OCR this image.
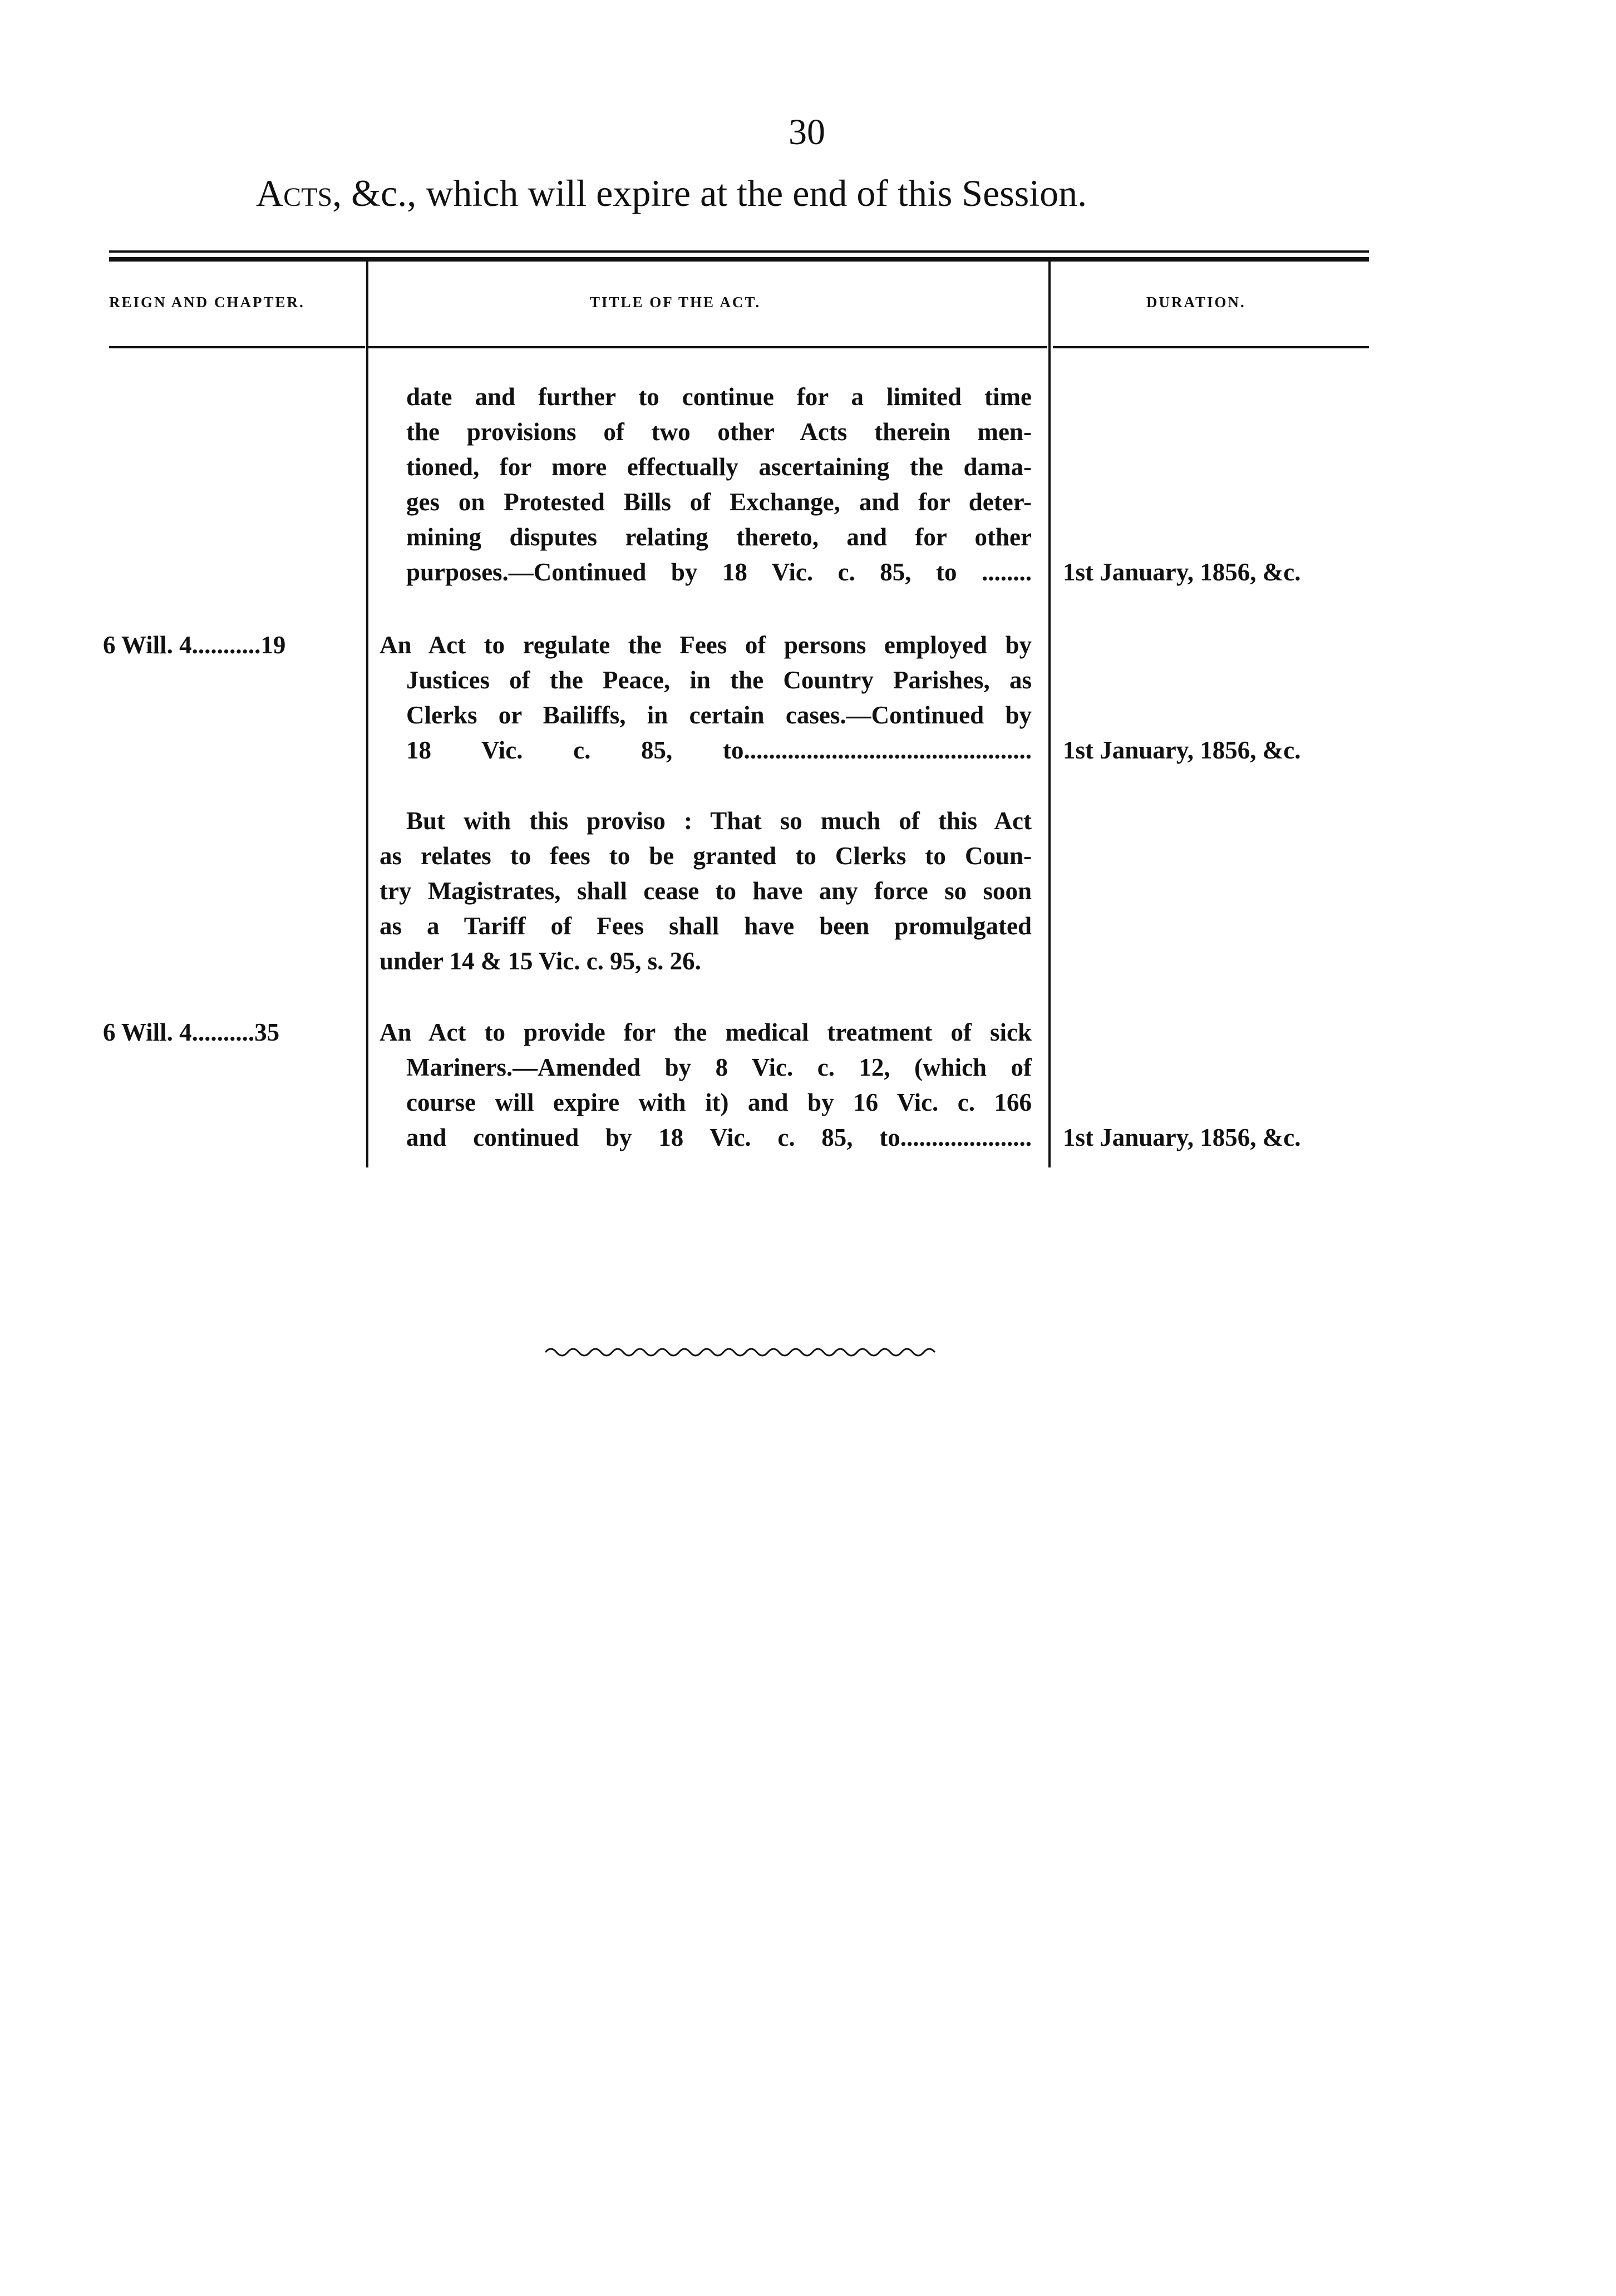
30
Acts, &c., which will expire at the end of this Session.
REIGN AND CHAPTER.	TITLE OF THE ACT.	DURATION.
date and further to continue for a limited time
the provisions of two other Acts therein men-
tioned, for more effectually ascertaining the dama-
ges on Protested Bills of Exchange, and for deter-
mining disputes relating thereto, and for other
purposes.—Continued by 18 Vic. c. 85, to ........ 1st January, 1856, &c.
6 Will. 4...........19	An Act to regulate the Fees of persons employed by
Justices of the Peace, in the Country Parishes, as
Clerks or Bailiffs, in certain cases.—Continued by
18 Vic. c. 85, to.............................................. 1st January, 1856, &c.
But with this proviso : That so much of this Act
as relates to fees to be granted to Clerks to Coun-
try Magistrates, shall cease to have any force so soon
as a Tariff of Fees shall have been promulgated
under 14 & 15 Vic. c. 95, s. 26.
6 Will. 4..........35	An Act to provide for the medical treatment of sick
Mariners.—Amended by 8 Vic. c. 12, (which of
course will expire with it) and by 16 Vic. c. 166
and continued by 18 Vic. c. 85, to..................... 1st January, 1856, &c.
